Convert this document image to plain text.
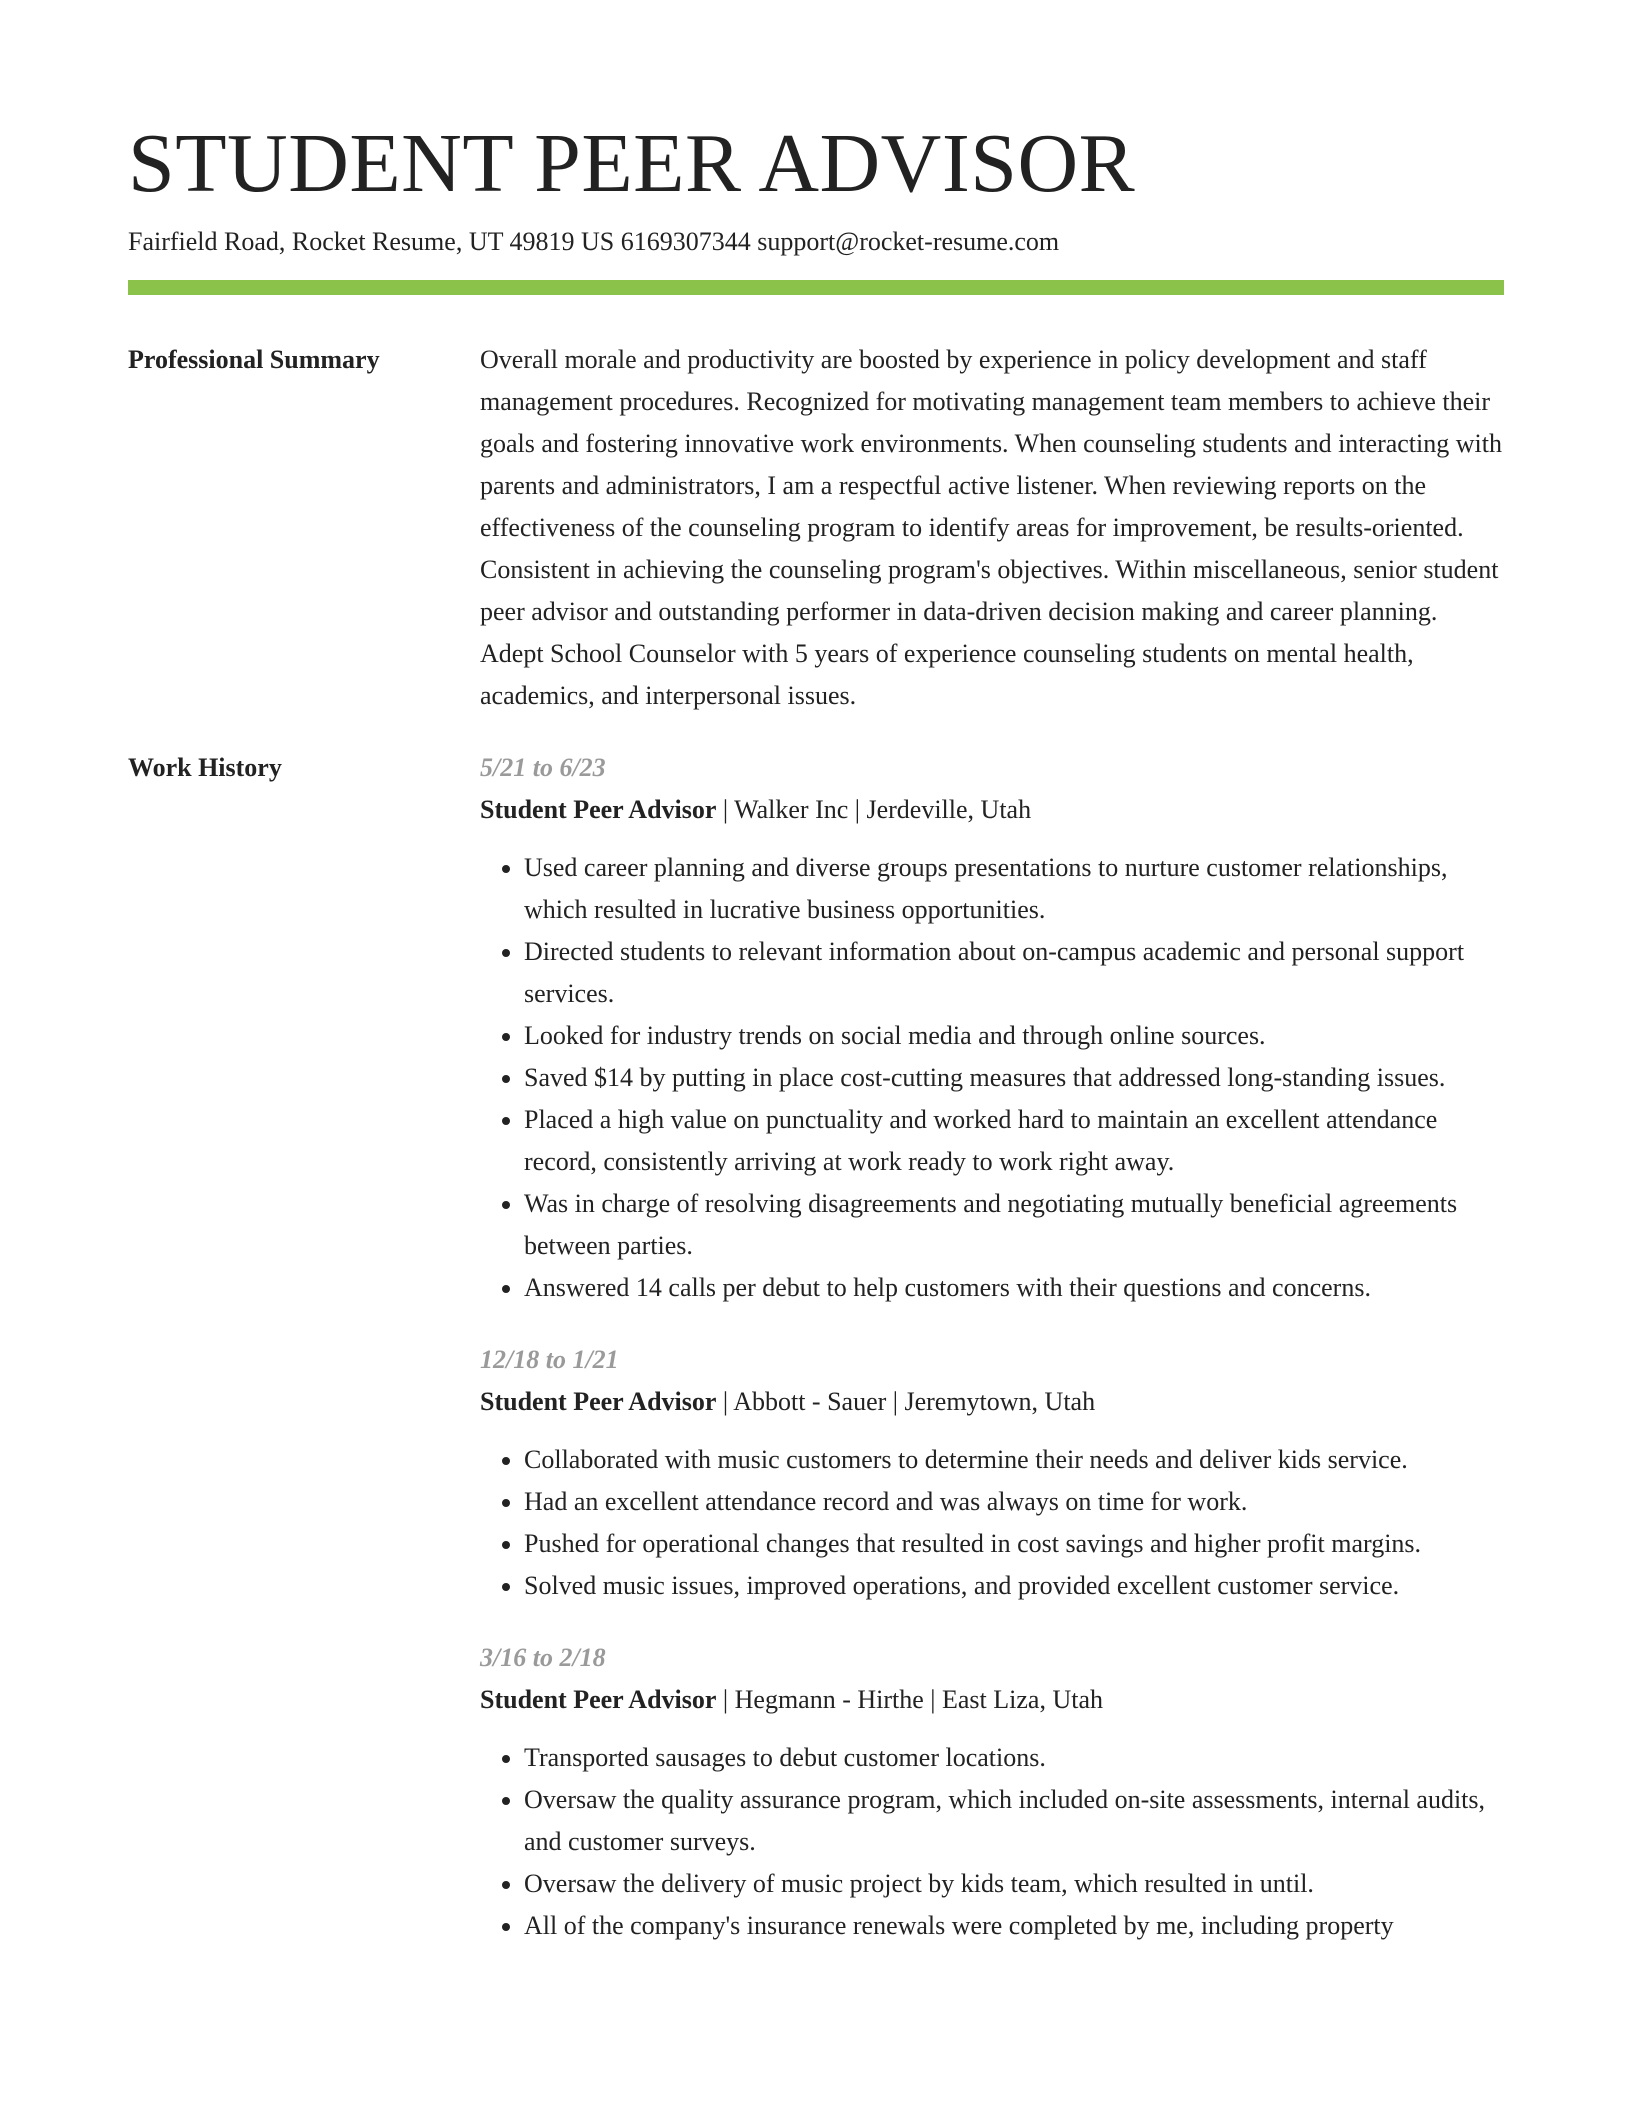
STUDENT PEER ADVISOR
Fairfield Road, Rocket Resume, UT 49819 US 6169307344 support@rocket-resume.com
Professional Summary	Overall morale and productivity are boosted by experience in policy development and staff management procedures. Recognized for motivating management team members to achieve their goals and fostering innovative work environments. When counseling students and interacting with parents and administrators, I am a respectful active listener. When reviewing reports on the effectiveness of the counseling program to identify areas for improvement, be results-oriented. Consistent in achieving the counseling program's objectives. Within miscellaneous, senior student peer advisor and outstanding performer in data-driven decision making and career planning. Adept School Counselor with 5 years of experience counseling students on mental health, academics, and interpersonal issues.

Work History	5/21 to 6/23
Student Peer Advisor | Walker Inc | Jerdeville, Utah
• Used career planning and diverse groups presentations to nurture customer relationships, which resulted in lucrative business opportunities.
• Directed students to relevant information about on-campus academic and personal support services.
• Looked for industry trends on social media and through online sources.
• Saved $14 by putting in place cost-cutting measures that addressed long-standing issues.
• Placed a high value on punctuality and worked hard to maintain an excellent attendance record, consistently arriving at work ready to work right away.
• Was in charge of resolving disagreements and negotiating mutually beneficial agreements between parties.
• Answered 14 calls per debut to help customers with their questions and concerns.
12/18 to 1/21
Student Peer Advisor | Abbott - Sauer | Jeremytown, Utah
• Collaborated with music customers to determine their needs and deliver kids service.
• Had an excellent attendance record and was always on time for work.
• Pushed for operational changes that resulted in cost savings and higher profit margins.
• Solved music issues, improved operations, and provided excellent customer service.
3/16 to 2/18
Student Peer Advisor | Hegmann - Hirthe | East Liza, Utah
• Transported sausages to debut customer locations.
• Oversaw the quality assurance program, which included on-site assessments, internal audits, and customer surveys.
• Oversaw the delivery of music project by kids team, which resulted in until.
• All of the company's insurance renewals were completed by me, including property
